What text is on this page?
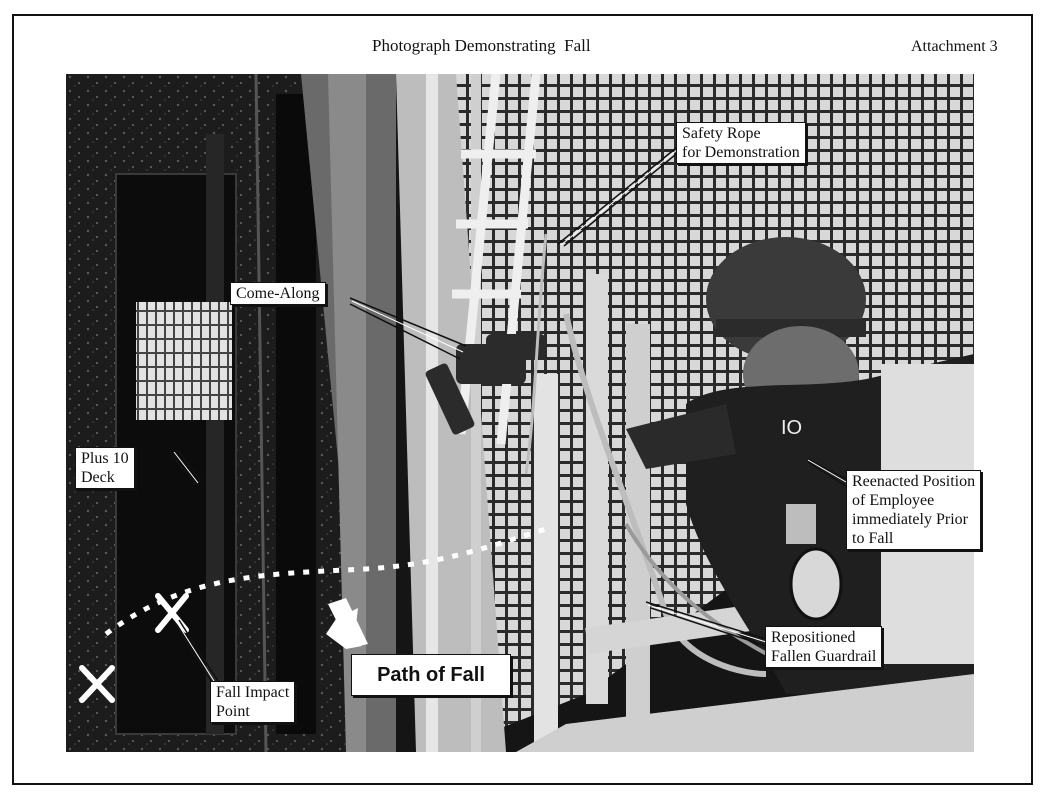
Photograph Demonstrating  Fall	Attachment 3
IO
Safety Rope
for Demonstration
Come-Along
Plus 10
Deck	Reenacted Position
of Employee
immediately Prior
to Fall
Repositioned
Fallen Guardrail
Fall Impact
Point
Path of Fall
